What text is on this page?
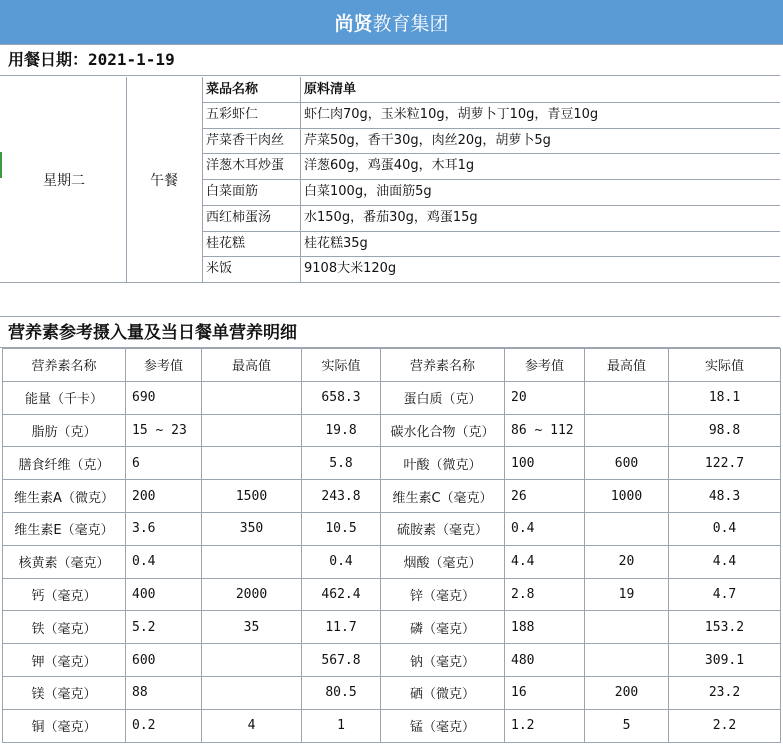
尚贤 教育集团
用餐日期：2021-1-19
星期二	午餐
菜品名称	原料清单
五彩虾仁	虾仁肉70g，玉米粒10g，胡萝卜丁10g，青豆10g
芹菜香干肉丝	芹菜50g，香干30g，肉丝20g，胡萝卜5g
洋葱木耳炒蛋	洋葱60g，鸡蛋40g，木耳1g
白菜面筋	白菜100g，油面筋5g
西红柿蛋汤	水150g，番茄30g，鸡蛋15g
桂花糕	桂花糕35g
米饭	9108大米120g
营养素参考摄入量及当日餐单营养明细
营养素名称	参考值	最高值	实际值	营养素名称	参考值	最高值	实际值
能量（千卡）	690		658.3	蛋白质（克）	20		18.1
脂肪（克）	15 ~ 23		19.8	碳水化合物（克）	86 ~ 112		98.8
膳食纤维（克）	6		5.8	叶酸（微克）	100	600	122.7
维生素A（微克）	200	1500	243.8	维生素C（毫克）	26	1000	48.3
维生素E（毫克）	3.6	350	10.5	硫胺素（毫克）	0.4		0.4
核黄素（毫克）	0.4		0.4	烟酸（毫克）	4.4	20	4.4
钙（毫克）	400	2000	462.4	锌（毫克）	2.8	19	4.7
铁（毫克）	5.2	35	11.7	磷（毫克）	188		153.2
钾（毫克）	600		567.8	钠（毫克）	480		309.1
镁（毫克）	88		80.5	硒（微克）	16	200	23.2
铜（毫克）	0.2	4	1	锰（毫克）	1.2	5	2.2
